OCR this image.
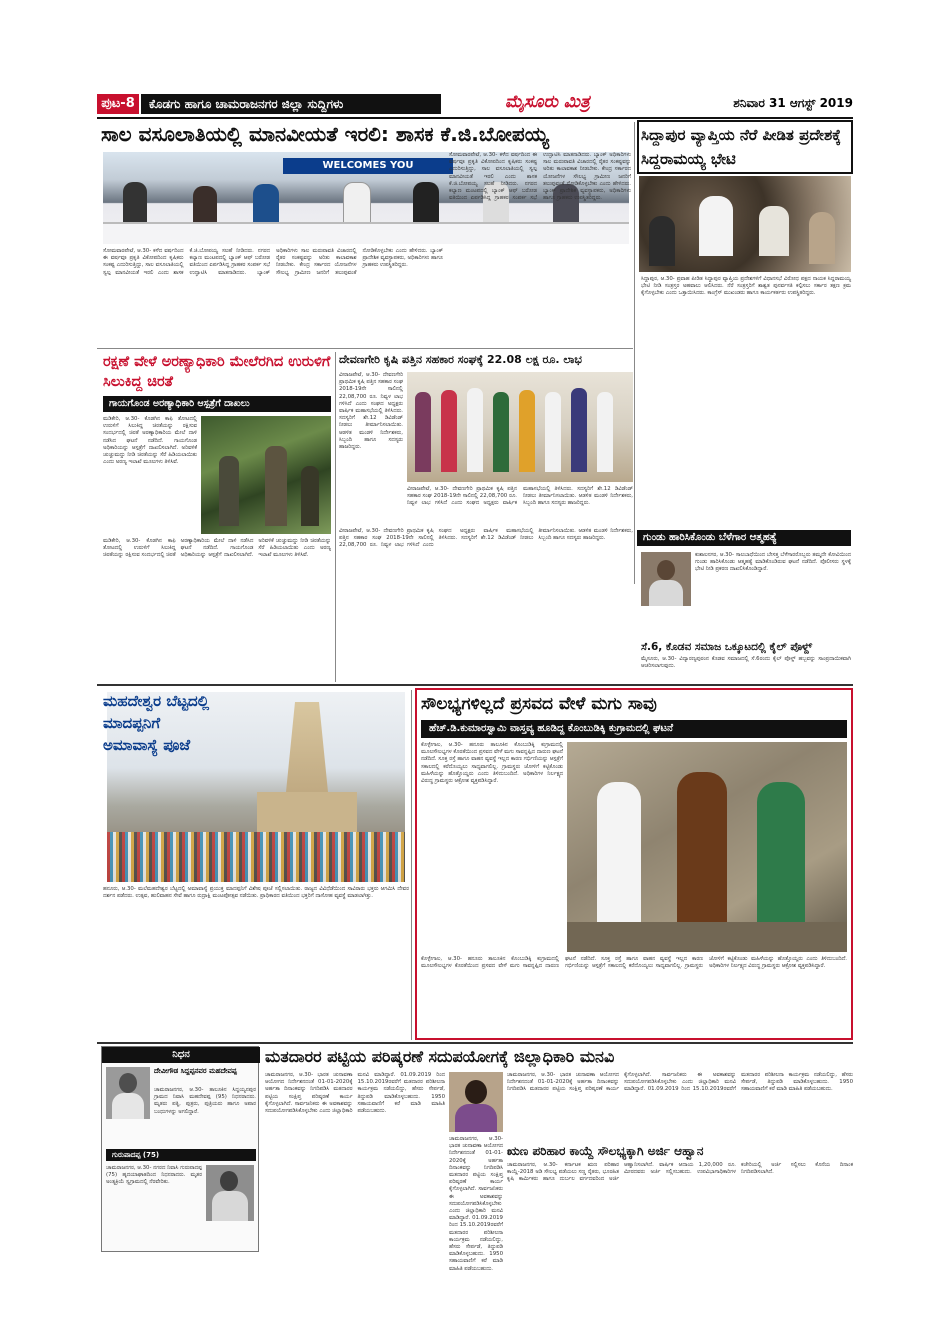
ಪುಟ-8	ಕೊಡಗು ಹಾಗೂ ಚಾಮರಾಜನಗರ ಜಿಲ್ಲಾ ಸುದ್ದಿಗಳು	ಮೈಸೂರು ಮಿತ್ರ	ಶನಿವಾರ 31 ಆಗಸ್ಟ್ 2019
ಸಾಲ ವಸೂಲಾತಿಯಲ್ಲಿ ಮಾನವೀಯತೆ ಇರಲಿ: ಶಾಸಕ ಕೆ.ಜಿ.ಬೋಪಯ್ಯ
WELCOMES YOU
ಸೋಮವಾರಪೇಟೆ, ಆ.30- ಕಳೆದ ವರ್ಷದಿಂದ ಈ ವರ್ಷವೂ ಪ್ರಕೃತಿ ವಿಕೋಪದಿಂದ ಕೃಷಿಕರು ಸಂಕಷ್ಟ ಎದುರಿಸುತ್ತಿದ್ದು, ಸಾಲ ವಸೂಲಾತಿಯಲ್ಲಿ ಸ್ವಲ್ಪ ಮಾನವೀಯತೆ ಇರಲಿ ಎಂದು ಶಾಸಕ ಕೆ.ಜಿ.ಬೋಪಯ್ಯ ಸಲಹೆ ನೀಡಿದರು. ನಗರದ ಕಲ್ಯಾಣ ಮಂಟಪದಲ್ಲಿ ಬ್ಯಾಂಕ್ ಆಫ್ ಬರೋಡ ವತಿಯಿಂದ ಏರ್ಪಡಿಸಿದ್ದ ಗ್ರಾಹಕರ ಸಂಪರ್ಕ ಸಭೆ ಉದ್ಘಾಟಿಸಿ ಮಾತನಾಡಿದರು. ಬ್ಯಾಂಕ್ ಅಧಿಕಾರಿಗಳು ಸಾಲ ಮರುಪಾವತಿ ವಿಚಾರದಲ್ಲಿ ರೈತರ ಸಂಕಷ್ಟವನ್ನು ಅರಿತು ಕಾಲಾವಕಾಶ ನೀಡಬೇಕು. ಕೇಂದ್ರ ಸರ್ಕಾರದ ಯೋಜನೆಗಳ ಸೌಲಭ್ಯ ಗ್ರಾಮೀಣ ಜನರಿಗೆ ತಲುಪುವಂತೆ ನೋಡಿಕೊಳ್ಳಬೇಕು ಎಂದು ಹೇಳಿದರು. ಬ್ಯಾಂಕ್ ಪ್ರಾದೇಶಿಕ ವ್ಯವಸ್ಥಾಪಕರು, ಅಧಿಕಾರಿಗಳು ಹಾಗೂ ಗ್ರಾಹಕರು ಉಪಸ್ಥಿತರಿದ್ದರು.
ಸೋಮವಾರಪೇಟೆ, ಆ.30- ಕಳೆದ ವರ್ಷದಿಂದ ಈ ವರ್ಷವೂ ಪ್ರಕೃತಿ ವಿಕೋಪದಿಂದ ಕೃಷಿಕರು ಸಂಕಷ್ಟ ಎದುರಿಸುತ್ತಿದ್ದು, ಸಾಲ ವಸೂಲಾತಿಯಲ್ಲಿ ಸ್ವಲ್ಪ ಮಾನವೀಯತೆ ಇರಲಿ ಎಂದು ಶಾಸಕ ಕೆ.ಜಿ.ಬೋಪಯ್ಯ ಸಲಹೆ ನೀಡಿದರು. ನಗರದ ಕಲ್ಯಾಣ ಮಂಟಪದಲ್ಲಿ ಬ್ಯಾಂಕ್ ಆಫ್ ಬರೋಡ ವತಿಯಿಂದ ಏರ್ಪಡಿಸಿದ್ದ ಗ್ರಾಹಕರ ಸಂಪರ್ಕ ಸಭೆ ಉದ್ಘಾಟಿಸಿ ಮಾತನಾಡಿದರು. ಬ್ಯಾಂಕ್ ಅಧಿಕಾರಿಗಳು ಸಾಲ ಮರುಪಾವತಿ ವಿಚಾರದಲ್ಲಿ ರೈತರ ಸಂಕಷ್ಟವನ್ನು ಅರಿತು ಕಾಲಾವಕಾಶ ನೀಡಬೇಕು. ಕೇಂದ್ರ ಸರ್ಕಾರದ ಯೋಜನೆಗಳ ಸೌಲಭ್ಯ ಗ್ರಾಮೀಣ ಜನರಿಗೆ ತಲುಪುವಂತೆ ನೋಡಿಕೊಳ್ಳಬೇಕು ಎಂದು ಹೇಳಿದರು. ಬ್ಯಾಂಕ್ ಪ್ರಾದೇಶಿಕ ವ್ಯವಸ್ಥಾಪಕರು, ಅಧಿಕಾರಿಗಳು ಹಾಗೂ ಗ್ರಾಹಕರು ಉಪಸ್ಥಿತರಿದ್ದರು.
ಸಿದ್ದಾಪುರ ವ್ಯಾಪ್ತಿಯ ನೆರೆ ಪೀಡಿತ ಪ್ರದೇಶಕ್ಕೆ ಸಿದ್ದರಾಮಯ್ಯ ಭೇಟಿ
ಸಿದ್ದಾಪುರ, ಆ.30- ಪ್ರವಾಹ ಪೀಡಿತ ಸಿದ್ದಾಪುರ ವ್ಯಾಪ್ತಿಯ ಪ್ರದೇಶಗಳಿಗೆ ವಿಧಾನಸಭೆ ವಿರೋಧ ಪಕ್ಷದ ನಾಯಕ ಸಿದ್ದರಾಮಯ್ಯ ಭೇಟಿ ನೀಡಿ ಸಂತ್ರಸ್ತರ ಅಹವಾಲು ಆಲಿಸಿದರು. ನೆರೆ ಸಂತ್ರಸ್ತರಿಗೆ ಶಾಶ್ವತ ಪುನರ್ವಸತಿ ಕಲ್ಪಿಸಲು ಸರ್ಕಾರ ತಕ್ಷಣ ಕ್ರಮ ಕೈಗೊಳ್ಳಬೇಕು ಎಂದು ಒತ್ತಾಯಿಸಿದರು. ಕಾಂಗ್ರೆಸ್ ಮುಖಂಡರು ಹಾಗೂ ಕಾರ್ಯಕರ್ತರು ಉಪಸ್ಥಿತರಿದ್ದರು.
ರಕ್ಷಣೆ ವೇಳೆ ಅರಣ್ಯಾಧಿಕಾರಿ ಮೇಲೆರಗಿದ ಉರುಳಿಗೆ ಸಿಲುಕಿದ್ದ ಚಿರತೆ
ಗಾಯಗೊಂಡ ಅರಣ್ಯಾಧಿಕಾರಿ ಆಸ್ಪತ್ರೆಗೆ ದಾಖಲು
ಮಡಿಕೇರಿ, ಆ.30- ಕೊಡಗಿನ ಕಾಫಿ ತೋಟದಲ್ಲಿ ಉರುಳಿಗೆ ಸಿಲುಕಿದ್ದ ಚಿರತೆಯನ್ನು ರಕ್ಷಿಸುವ ಸಂದರ್ಭದಲ್ಲಿ ಚಿರತೆ ಅರಣ್ಯಾಧಿಕಾರಿಯ ಮೇಲೆ ದಾಳಿ ನಡೆಸಿದ ಘಟನೆ ನಡೆದಿದೆ. ಗಾಯಗೊಂಡ ಅಧಿಕಾರಿಯನ್ನು ಆಸ್ಪತ್ರೆಗೆ ದಾಖಲಿಸಲಾಗಿದೆ. ಅರಿವಳಿಕೆ ಚುಚ್ಚುಮದ್ದು ನೀಡಿ ಚಿರತೆಯನ್ನು ಸೆರೆ ಹಿಡಿಯಲಾಯಿತು ಎಂದು ಅರಣ್ಯ ಇಲಾಖೆ ಮೂಲಗಳು ತಿಳಿಸಿವೆ.
ಮಡಿಕೇರಿ, ಆ.30- ಕೊಡಗಿನ ಕಾಫಿ ತೋಟದಲ್ಲಿ ಉರುಳಿಗೆ ಸಿಲುಕಿದ್ದ ಚಿರತೆಯನ್ನು ರಕ್ಷಿಸುವ ಸಂದರ್ಭದಲ್ಲಿ ಚಿರತೆ ಅರಣ್ಯಾಧಿಕಾರಿಯ ಮೇಲೆ ದಾಳಿ ನಡೆಸಿದ ಘಟನೆ ನಡೆದಿದೆ. ಗಾಯಗೊಂಡ ಅಧಿಕಾರಿಯನ್ನು ಆಸ್ಪತ್ರೆಗೆ ದಾಖಲಿಸಲಾಗಿದೆ. ಅರಿವಳಿಕೆ ಚುಚ್ಚುಮದ್ದು ನೀಡಿ ಚಿರತೆಯನ್ನು ಸೆರೆ ಹಿಡಿಯಲಾಯಿತು ಎಂದು ಅರಣ್ಯ ಇಲಾಖೆ ಮೂಲಗಳು ತಿಳಿಸಿವೆ.
ದೇವಣಗೇರಿ ಕೃಷಿ ಪತ್ತಿನ ಸಹಕಾರ ಸಂಘಕ್ಕೆ 22.08 ಲಕ್ಷ ರೂ. ಲಾಭ
ವೀರಾಜಪೇಟೆ, ಆ.30- ದೇವಣಗೇರಿ ಪ್ರಾಥಮಿಕ ಕೃಷಿ ಪತ್ತಿನ ಸಹಕಾರ ಸಂಘ 2018-19ನೇ ಸಾಲಿನಲ್ಲಿ 22,08,700 ರೂ. ನಿವ್ವಳ ಲಾಭ ಗಳಿಸಿದೆ ಎಂದು ಸಂಘದ ಅಧ್ಯಕ್ಷರು ವಾರ್ಷಿಕ ಮಹಾಸಭೆಯಲ್ಲಿ ತಿಳಿಸಿದರು. ಸದಸ್ಯರಿಗೆ ಶೇ.12 ಡಿವಿಡೆಂಡ್ ನೀಡಲು ತೀರ್ಮಾನಿಸಲಾಯಿತು. ಆಡಳಿತ ಮಂಡಳಿ ನಿರ್ದೇಶಕರು, ಸಿಬ್ಬಂದಿ ಹಾಗೂ ಸದಸ್ಯರು ಹಾಜರಿದ್ದರು.
ವೀರಾಜಪೇಟೆ, ಆ.30- ದೇವಣಗೇರಿ ಪ್ರಾಥಮಿಕ ಕೃಷಿ ಪತ್ತಿನ ಸಹಕಾರ ಸಂಘ 2018-19ನೇ ಸಾಲಿನಲ್ಲಿ 22,08,700 ರೂ. ನಿವ್ವಳ ಲಾಭ ಗಳಿಸಿದೆ ಎಂದು ಸಂಘದ ಅಧ್ಯಕ್ಷರು ವಾರ್ಷಿಕ ಮಹಾಸಭೆಯಲ್ಲಿ ತಿಳಿಸಿದರು. ಸದಸ್ಯರಿಗೆ ಶೇ.12 ಡಿವಿಡೆಂಡ್ ನೀಡಲು ತೀರ್ಮಾನಿಸಲಾಯಿತು. ಆಡಳಿತ ಮಂಡಳಿ ನಿರ್ದೇಶಕರು, ಸಿಬ್ಬಂದಿ ಹಾಗೂ ಸದಸ್ಯರು ಹಾಜರಿದ್ದರು.
ವೀರಾಜಪೇಟೆ, ಆ.30- ದೇವಣಗೇರಿ ಪ್ರಾಥಮಿಕ ಕೃಷಿ ಪತ್ತಿನ ಸಹಕಾರ ಸಂಘ 2018-19ನೇ ಸಾಲಿನಲ್ಲಿ 22,08,700 ರೂ. ನಿವ್ವಳ ಲಾಭ ಗಳಿಸಿದೆ ಎಂದು ಸಂಘದ ಅಧ್ಯಕ್ಷರು ವಾರ್ಷಿಕ ಮಹಾಸಭೆಯಲ್ಲಿ ತಿಳಿಸಿದರು. ಸದಸ್ಯರಿಗೆ ಶೇ.12 ಡಿವಿಡೆಂಡ್ ನೀಡಲು ತೀರ್ಮಾನಿಸಲಾಯಿತು. ಆಡಳಿತ ಮಂಡಳಿ ನಿರ್ದೇಶಕರು, ಸಿಬ್ಬಂದಿ ಹಾಗೂ ಸದಸ್ಯರು ಹಾಜರಿದ್ದರು.	ಗುಂಡು ಹಾರಿಸಿಕೊಂಡು ಬೆಳೆಗಾರ ಆತ್ಮಹತ್ಯೆ
ಕುಶಾಲನಗರ, ಆ.30- ಸಾಲಬಾಧೆಯಿಂದ ಬೇಸತ್ತ ಬೆಳೆಗಾರರೊಬ್ಬರು ತಮ್ಮದೇ ಕೋವಿಯಿಂದ ಗುಂಡು ಹಾರಿಸಿಕೊಂಡು ಆತ್ಮಹತ್ಯೆ ಮಾಡಿಕೊಂಡಿರುವ ಘಟನೆ ನಡೆದಿದೆ. ಪೊಲೀಸರು ಸ್ಥಳಕ್ಕೆ ಭೇಟಿ ನೀಡಿ ಪ್ರಕರಣ ದಾಖಲಿಸಿಕೊಂಡಿದ್ದಾರೆ.
ಸೆ.6, ಕೊಡವ ಸಮಾಜ ಒಕ್ಕೂಟದಲ್ಲಿ ಕೈಲ್ ಪೊಳ್ದ್
ಮೈಸೂರು, ಆ.30- ವಿದ್ಯಾರಣ್ಯಪುರಂನ ಕೊಡವ ಸಮಾಜದಲ್ಲಿ ಸೆ.6ರಂದು ಕೈಲ್ ಪೊಳ್ದ್ ಹಬ್ಬವನ್ನು ಸಾಂಪ್ರದಾಯಿಕವಾಗಿ ಆಚರಿಸಲಾಗುವುದು.
ಮಹದೇಶ್ವರ ಬೆಟ್ಟದಲ್ಲಿ
ಮಾದಪ್ಪನಿಗೆ
ಅಮಾವಾಸ್ಯೆ ಪೂಜೆ
ಹನೂರು, ಆ.30- ಮಲೆಮಹದೇಶ್ವರ ಬೆಟ್ಟದಲ್ಲಿ ಅಮಾವಾಸ್ಯೆ ಪ್ರಯುಕ್ತ ಮಾದಪ್ಪನಿಗೆ ವಿಶೇಷ ಪೂಜೆ ಸಲ್ಲಿಸಲಾಯಿತು. ರಾಜ್ಯದ ವಿವಿಧೆಡೆಯಿಂದ ಸಾವಿರಾರು ಭಕ್ತರು ಆಗಮಿಸಿ ದೇವರ ದರ್ಶನ ಪಡೆದರು. ಉತ್ಸವ, ಹುಲಿವಾಹನ ಸೇವೆ ಹಾಗೂ ರುದ್ರಾಕ್ಷಿ ಮಂಟಪೋತ್ಸವ ನಡೆಯಿತು. ಪ್ರಾಧಿಕಾರದ ವತಿಯಿಂದ ಭಕ್ತರಿಗೆ ದಾಸೋಹ ವ್ಯವಸ್ಥೆ ಮಾಡಲಾಗಿತ್ತು.
ಸೌಲಭ್ಯಗಳಿಲ್ಲದೆ ಪ್ರಸವದ ವೇಳೆ ಮಗು ಸಾವು
ಹೆಚ್.ಡಿ.ಕುಮಾರಸ್ವಾಮಿ ವಾಸ್ತವ್ಯ ಹೂಡಿದ್ದ ಕೊಂಬುಡಿಕ್ಕಿ ಕುಗ್ರಾಮದಲ್ಲಿ ಘಟನೆ
ಕೊಳ್ಳೇಗಾಲ, ಆ.30- ಹನೂರು ತಾಲೂಕಿನ ಕೊಂಬುಡಿಕ್ಕಿ ಕುಗ್ರಾಮದಲ್ಲಿ ಮೂಲಸೌಲಭ್ಯಗಳ ಕೊರತೆಯಿಂದ ಪ್ರಸವದ ವೇಳೆ ಮಗು ಸಾವನ್ನಪ್ಪಿದ ದಾರುಣ ಘಟನೆ ನಡೆದಿದೆ. ಸೂಕ್ತ ರಸ್ತೆ ಹಾಗೂ ವಾಹನ ವ್ಯವಸ್ಥೆ ಇಲ್ಲದ ಕಾರಣ ಗರ್ಭಿಣಿಯನ್ನು ಆಸ್ಪತ್ರೆಗೆ ಸಕಾಲದಲ್ಲಿ ಕರೆದೊಯ್ಯಲು ಸಾಧ್ಯವಾಗಲಿಲ್ಲ. ಗ್ರಾಮಸ್ಥರು ಜೋಳಿಗೆ ಕಟ್ಟಿಕೊಂಡು ಮಹಿಳೆಯನ್ನು ಹೊತ್ತೊಯ್ದರು ಎಂದು ತಿಳಿದುಬಂದಿದೆ. ಅಧಿಕಾರಿಗಳ ನಿರ್ಲಕ್ಷ್ಯದ ವಿರುದ್ಧ ಗ್ರಾಮಸ್ಥರು ಆಕ್ರೋಶ ವ್ಯಕ್ತಪಡಿಸಿದ್ದಾರೆ.
ಕೊಳ್ಳೇಗಾಲ, ಆ.30- ಹನೂರು ತಾಲೂಕಿನ ಕೊಂಬುಡಿಕ್ಕಿ ಕುಗ್ರಾಮದಲ್ಲಿ ಮೂಲಸೌಲಭ್ಯಗಳ ಕೊರತೆಯಿಂದ ಪ್ರಸವದ ವೇಳೆ ಮಗು ಸಾವನ್ನಪ್ಪಿದ ದಾರುಣ ಘಟನೆ ನಡೆದಿದೆ. ಸೂಕ್ತ ರಸ್ತೆ ಹಾಗೂ ವಾಹನ ವ್ಯವಸ್ಥೆ ಇಲ್ಲದ ಕಾರಣ ಗರ್ಭಿಣಿಯನ್ನು ಆಸ್ಪತ್ರೆಗೆ ಸಕಾಲದಲ್ಲಿ ಕರೆದೊಯ್ಯಲು ಸಾಧ್ಯವಾಗಲಿಲ್ಲ. ಗ್ರಾಮಸ್ಥರು ಜೋಳಿಗೆ ಕಟ್ಟಿಕೊಂಡು ಮಹಿಳೆಯನ್ನು ಹೊತ್ತೊಯ್ದರು ಎಂದು ತಿಳಿದುಬಂದಿದೆ. ಅಧಿಕಾರಿಗಳ ನಿರ್ಲಕ್ಷ್ಯದ ವಿರುದ್ಧ ಗ್ರಾಮಸ್ಥರು ಆಕ್ರೋಶ ವ್ಯಕ್ತಪಡಿಸಿದ್ದಾರೆ.
ನಿಧನ
ದೇವೀಗೌಡ ಸಿದ್ದಪ್ಪನವರ ಮಹದೇವಪ್ಪ
ಚಾಮರಾಜನಗರ, ಆ.30- ತಾಲೂಕಿನ ಸಿದ್ದಯ್ಯನಪುರ ಗ್ರಾಮದ ನಿವಾಸಿ ಮಹದೇವಪ್ಪ (95) ನಿಧನರಾದರು. ಮೃತರು ಪತ್ನಿ, ಪುತ್ರರು, ಪುತ್ರಿಯರು ಹಾಗೂ ಅಪಾರ ಬಂಧುಗಳನ್ನು ಅಗಲಿದ್ದಾರೆ.
ಗುರುಪಾದಪ್ಪ (75)
ಚಾಮರಾಜನಗರ, ಆ.30- ನಗರದ ನಿವಾಸಿ ಗುರುಪಾದಪ್ಪ (75) ಹೃದಯಾಘಾತದಿಂದ ನಿಧನರಾದರು. ಮೃತರ ಅಂತ್ಯಕ್ರಿಯೆ ಸ್ವಗ್ರಾಮದಲ್ಲಿ ನೆರವೇರಿತು.
ಮತದಾರರ ಪಟ್ಟಿಯ ಪರಿಷ್ಕರಣೆ ಸದುಪಯೋಗಕ್ಕೆ ಜಿಲ್ಲಾಧಿಕಾರಿ ಮನವಿ
ಚಾಮರಾಜನಗರ, ಆ.30- ಭಾರತ ಚುನಾವಣಾ ಆಯೋಗದ ನಿರ್ದೇಶನದಂತೆ 01-01-2020ಕ್ಕೆ ಅರ್ಹತಾ ದಿನಾಂಕವನ್ನು ನಿಗದಿಪಡಿಸಿ ಮತದಾರರ ಪಟ್ಟಿಯ ಸಂಕ್ಷಿಪ್ತ ಪರಿಷ್ಕರಣೆ ಕಾರ್ಯ ಕೈಗೊಳ್ಳಲಾಗಿದೆ. ಸಾರ್ವಜನಿಕರು ಈ ಅವಕಾಶವನ್ನು ಸದುಪಯೋಗಪಡಿಸಿಕೊಳ್ಳಬೇಕು ಎಂದು ಜಿಲ್ಲಾಧಿಕಾರಿ ಮನವಿ ಮಾಡಿದ್ದಾರೆ. 01.09.2019 ರಿಂದ 15.10.2019ರವರೆಗೆ ಮತದಾರರ ಪರಿಶೀಲನಾ ಕಾರ್ಯಕ್ರಮ ನಡೆಯಲಿದ್ದು, ಹೆಸರು ಸೇರ್ಪಡೆ, ತಿದ್ದುಪಡಿ ಮಾಡಿಕೊಳ್ಳಬಹುದು. 1950 ಸಹಾಯವಾಣಿಗೆ ಕರೆ ಮಾಡಿ ಮಾಹಿತಿ ಪಡೆಯಬಹುದು.
ಚಾಮರಾಜನಗರ, ಆ.30- ಭಾರತ ಚುನಾವಣಾ ಆಯೋಗದ ನಿರ್ದೇಶನದಂತೆ 01-01-2020ಕ್ಕೆ ಅರ್ಹತಾ ದಿನಾಂಕವನ್ನು ನಿಗದಿಪಡಿಸಿ ಮತದಾರರ ಪಟ್ಟಿಯ ಸಂಕ್ಷಿಪ್ತ ಪರಿಷ್ಕರಣೆ ಕಾರ್ಯ ಕೈಗೊಳ್ಳಲಾಗಿದೆ. ಸಾರ್ವಜನಿಕರು ಈ ಅವಕಾಶವನ್ನು ಸದುಪಯೋಗಪಡಿಸಿಕೊಳ್ಳಬೇಕು ಎಂದು ಜಿಲ್ಲಾಧಿಕಾರಿ ಮನವಿ ಮಾಡಿದ್ದಾರೆ. 01.09.2019 ರಿಂದ 15.10.2019ರವರೆಗೆ ಮತದಾರರ ಪರಿಶೀಲನಾ ಕಾರ್ಯಕ್ರಮ ನಡೆಯಲಿದ್ದು, ಹೆಸರು ಸೇರ್ಪಡೆ, ತಿದ್ದುಪಡಿ ಮಾಡಿಕೊಳ್ಳಬಹುದು. 1950 ಸಹಾಯವಾಣಿಗೆ ಕರೆ ಮಾಡಿ ಮಾಹಿತಿ ಪಡೆಯಬಹುದು.
ಚಾಮರಾಜನಗರ, ಆ.30- ಭಾರತ ಚುನಾವಣಾ ಆಯೋಗದ ನಿರ್ದೇಶನದಂತೆ 01-01-2020ಕ್ಕೆ ಅರ್ಹತಾ ದಿನಾಂಕವನ್ನು ನಿಗದಿಪಡಿಸಿ ಮತದಾರರ ಪಟ್ಟಿಯ ಸಂಕ್ಷಿಪ್ತ ಪರಿಷ್ಕರಣೆ ಕಾರ್ಯ ಕೈಗೊಳ್ಳಲಾಗಿದೆ. ಸಾರ್ವಜನಿಕರು ಈ ಅವಕಾಶವನ್ನು ಸದುಪಯೋಗಪಡಿಸಿಕೊಳ್ಳಬೇಕು ಎಂದು ಜಿಲ್ಲಾಧಿಕಾರಿ ಮನವಿ ಮಾಡಿದ್ದಾರೆ. 01.09.2019 ರಿಂದ 15.10.2019ರವರೆಗೆ ಮತದಾರರ ಪರಿಶೀಲನಾ ಕಾರ್ಯಕ್ರಮ ನಡೆಯಲಿದ್ದು, ಹೆಸರು ಸೇರ್ಪಡೆ, ತಿದ್ದುಪಡಿ ಮಾಡಿಕೊಳ್ಳಬಹುದು. 1950 ಸಹಾಯವಾಣಿಗೆ ಕರೆ ಮಾಡಿ ಮಾಹಿತಿ ಪಡೆಯಬಹುದು.
ಋಣ ಪರಿಹಾರ ಕಾಯ್ದೆ ಸೌಲಭ್ಯಕ್ಕಾಗಿ ಅರ್ಜಿ ಆಹ್ವಾನ
ಚಾಮರಾಜನಗರ, ಆ.30- ಕರ್ನಾಟಕ ಋಣ ಪರಿಹಾರ ಕಾಯ್ದೆ-2018 ಅಡಿ ಸೌಲಭ್ಯ ಪಡೆಯಲು ಸಣ್ಣ ರೈತರು, ಭೂರಹಿತ ಕೃಷಿ ಕಾರ್ಮಿಕರು ಹಾಗೂ ದುರ್ಬಲ ವರ್ಗದವರಿಂದ ಅರ್ಜಿ ಆಹ್ವಾನಿಸಲಾಗಿದೆ. ವಾರ್ಷಿಕ ಆದಾಯ 1,20,000 ರೂ. ಮೀರದವರು ಅರ್ಜಿ ಸಲ್ಲಿಸಬಹುದು. ಉಪವಿಭಾಗಾಧಿಕಾರಿಗಳ ಕಚೇರಿಯಲ್ಲಿ ಅರ್ಜಿ ಸಲ್ಲಿಸಲು ಕೊನೆಯ ದಿನಾಂಕ ನಿಗದಿಪಡಿಸಲಾಗಿದೆ.
